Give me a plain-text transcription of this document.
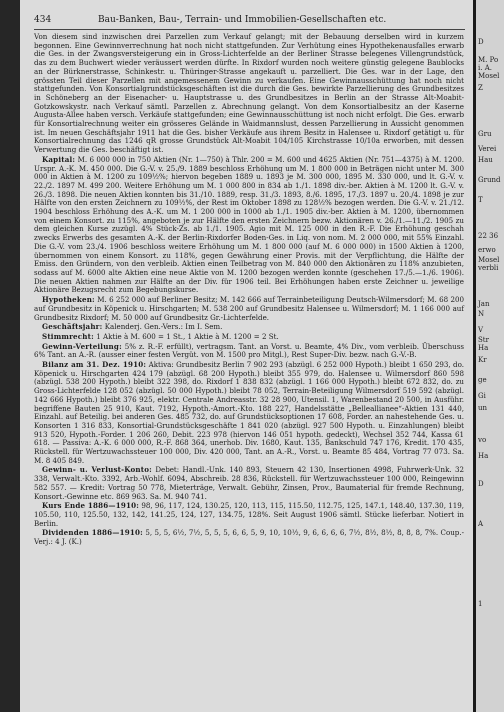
434	Bau-Banken, Bau-, Terrain- und Immobilien-Gesellschaften etc.

Von diesem sind inzwischen drei Parzellen zum Verkauf gelangt; mit der Bebauung derselben wird in kurzem begonnen. Eine Gewinnverrechnung hat noch nicht stattgefunden. Zur Verhütung eines Hypothekenausfalles erwarb die Ges. in der Zwangsversteigerung ein in Gross-Lichterfelde an der Berliner Strasse belegenes Villengrundstück, das zu dem Buchwert wieder veräussert werden dürfte. In Rixdorf wurden noch weitere günstig gelegene Baublocks an der Bürknerstrasse, Schinkestr. u. Thüringer-Strasse angekauft u. parzelliert. Die Ges. war in der Lage, den grössten Teil dieser Parzellen mit angemessenem Gewinn zu verkaufen. Eine Gewinnausschüttung hat noch nicht stattgefunden. Von Konsortialgrundstücksgeschäften ist die durch die Ges. bewirkte Parzellierung des Grundbesitzes in Schöneberg an der Eisenacher- u. Hauptstrasse u. des Grundbesitzes in Berlin an der Strasse Alt-Moabit-Gotzkowskystr. nach Verkauf sämtl. Parzellen z. Abrechnung gelangt. Von dem Konsortialbesitz an der Kaserne Augusta-Allee haben versch. Verkäufe stattgefunden; eine Gewinnausschüttung ist noch nicht erfolgt. Die Ges. erwarb für Konsortialrechnung weiter ein grösseres Gelände in Waidmannslust, dessen Parzellierung in Aussicht genommen ist. Im neuen Geschäftsjahr 1911 hat die Ges. bisher Verkäufe aus ihrem Besitz in Halensee u. Rixdorf getätigt u. für Konsortialrechnung das 1246 qR grosse Grundstück Alt-Moabit 104/105 Kirchstrasse 10/10a erworben, mit dessen Verwertung die Ges. beschäftigt ist.

Kapital: M. 6 000 000 in 750 Aktien (Nr. 1—750) à Thlr. 200 = M. 600 und 4625 Aktien (Nr. 751—4375) à M. 1200. Urspr. A.-K. M. 450 000. Die G.-V. v. 25./9. 1889 beschloss Erhöhung um M. 1 800 000 in Beträgen nicht unter M. 300 000 in Aktien à M. 1200 zu 109½%; hiervon begeben 1889 u. 1893 je M. 300 000, 1895 M. 330 000, und lt. G.-V. v. 22./2. 1897 M. 499 200. Weitere Erhöhung um M. 1 000 800 in 834 ab 1./1. 1898 div.-ber. Aktien à M. 1200 lt. G.-V. v. 26./3. 1898. Die neuen Aktien konnten bis 31./10. 1889, resp. 31./3. 1893, 8./6. 1895, 17./3. 1897 u. 20./4. 1898 je zur Hälfte von den ersten Zeichnern zu 109½%, der Rest im Oktober 1898 zu 128½% bezogen werden. Die G.-V. v. 21./12. 1904 beschloss Erhöhung des A.-K. um M. 1 200 000 in 1000 ab 1./1. 1905 div.-ber. Aktien à M. 1200, übernommen von einem Konsort. zu 115%, angeboten je zur Hälfte den ersten Zeichnern bezw. Aktionären v. 26./1.—11./2. 1905 zu dem gleichen Kurse zuzügl. 4% Stück-Zs. ab 1./1. 1905. Agio mit M. 125 000 in den R.-F. Die Erhöhung geschah zwecks Erwerbs des gesamten A.-K. der Berlin-Rixdorfer Boden-Ges. in Liq. von nom. M. 2 000 000, mit 55% Einzahl. Die G.-V. vom 23./4. 1906 beschloss weitere Erhöhung um M. 1 800 000 (auf M. 6 000 000) in 1500 Aktien à 1200, übernommen von einem Konsort. zu 118%, gegen Gewährung einer Provis. mit der Verpflichtung, die Hälfte der Emiss. den Gründern, von den verbleib. Aktien einen Teilbetrag von M. 840 000 den Aktionären zu 118% anzubieten, sodass auf M. 6000 alte Aktien eine neue Aktie von M. 1200 bezogen werden konnte (geschehen 17./5.—1./6. 1906). Die neuen Aktien nahmen zur Hälfte an der Div. für 1906 teil. Bei Erhöhungen haben erste Zeichner u. jeweilige Aktionäre Bezugsrecht zum Begebungskurse.

Hypotheken: M. 6 252 000 auf Berliner Besitz; M. 142 666 auf Terrainbeteiligung Deutsch-Wilmersdorf; M. 68 200 auf Grundbesitz in Köpenick u. Hirschgarten; M. 538 200 auf Grundbesitz Halensee u. Wilmersdorf; M. 1 166 000 auf Grundbesitz Rixdorf; M. 50 000 auf Grundbesitz Gr.-Lichterfelde.

Geschäftsjahr: Kalenderj. Gen.-Vers.: Im I. Sem.

Stimmrecht: 1 Aktie à M. 600 = 1 St., 1 Aktie à M. 1200 = 2 St.

Gewinn-Verteilung: 5% z. R.-F. erfüllt), vertragsm. Tant. an Vorst. u. Beamte, 4% Div., vom verbleib. Überschuss 6% Tant. an A.-R. (ausser einer festen Vergüt. von M. 1500 pro Mitgl.), Rest Super-Div. bezw. nach G.-V.-B.

Bilanz am 31. Dez. 1910: Aktiva: Grundbesitz Berlin 7 902 293 (abzügl. 6 252 000 Hypoth.) bleibt 1 650 293, do. Köpenick u. Hirschgarten 424 179 (abzügl. 68 200 Hypoth.) bleibt 355 979, do. Halensee u. Wilmersdorf 860 598 (abzügl. 538 200 Hypoth.) bleibt 322 398, do. Rixdorf 1 838 832 (abzügl. 1 166 000 Hypoth.) bleibt 672 832, do. zu Gross-Lichterfelde 128 052 (abzügl. 50 000 Hypoth.) bleibt 78 052, Terrain-Beteiligung Wilmersdorf 519 592 (abzügl. 142 666 Hypoth.) bleibt 376 925, elektr. Centrale Andreasstr. 32 28 900, Utensil. 1, Warenbestand 20 500, in Ausführ. begriffene Bauten 25 910, Kaut. 7192, Hypoth.-Amort.-Kto. 188 227, Handelsstätte „Belleallianee“-Aktien 131 440, Einzahl. auf Beteilig. bei anderen Ges. 485 732, do. auf Grundstücksoptionen 17 608, Forder. an nahestehende Ges. u. Konsorten 1 316 833, Konsortial-Grundstücksgeschäfte 1 841 020 (abzügl. 927 500 Hypoth. u. Einzahlungen) bleibt 913 520, Hypoth.-Forder. 1 206 260, Debit. 223 978 (hiervon 146 051 hypoth. gedeckt), Wechsel 352 744, Kassa 61 618. — Passiva: A.-K. 6 000 000, R.-F. 868 364, unerhob. Div. 1680, Kaut. 135, Bankschuld 747 176, Kredit. 170 435, Rückstell. für Wertzuwachssteuer 100 000, Div. 420 000, Tant. an A.-R., Vorst. u. Beamte 85 484, Vortrag 77 073. Sa. M. 8 405 849.

Gewinn- u. Verlust-Konto: Debet: Handl.-Unk. 140 893, Steuern 42 130, Insertionen 4998, Fuhrwerk-Unk. 32 338, Verwalt.-Kto. 3392, Arb.-Wohlf. 6094, Abschreib. 28 836, Rückstell. für Wertzuwachssteuer 100 000, Reingewinn 582 557. — Kredit: Vortrag 50 778, Mieterträge, Verwalt. Gebühr, Zinsen, Prov., Baumaterial für fremde Rechnung, Konsort.-Gewinne etc. 869 963. Sa. M. 940 741.

Kurs Ende 1886—1910: 98, 96, 117, 124, 130.25, 120, 113, 115, 115.50, 112.75, 125, 147.1, 148.40, 137.30, 119, 105.50, 110, 125.50, 132, 142, 141.25, 124, 127, 134.75, 128%. Seit August 1906 sämtl. Stücke lieferbar. Notiert in Berlin.

Dividenden 1886—1910: 5, 5, 5, 6½, 7½, 5, 5, 5, 6, 6, 5, 9, 10, 10½, 9, 6, 6, 6, 6, 7½, 8½, 8½, 8, 8, 8, 7%. Coup.-Verj.: 4 J. (K.)

D
M. Po
i. A.
Mosel
Z
Gru
Verei
Hau
Grund
T
22 36
erwo
Mosel
verbli
Jan
N
V
Str
Ha
Kr
ge
Gi
un
vo
Ha
D
A
1
